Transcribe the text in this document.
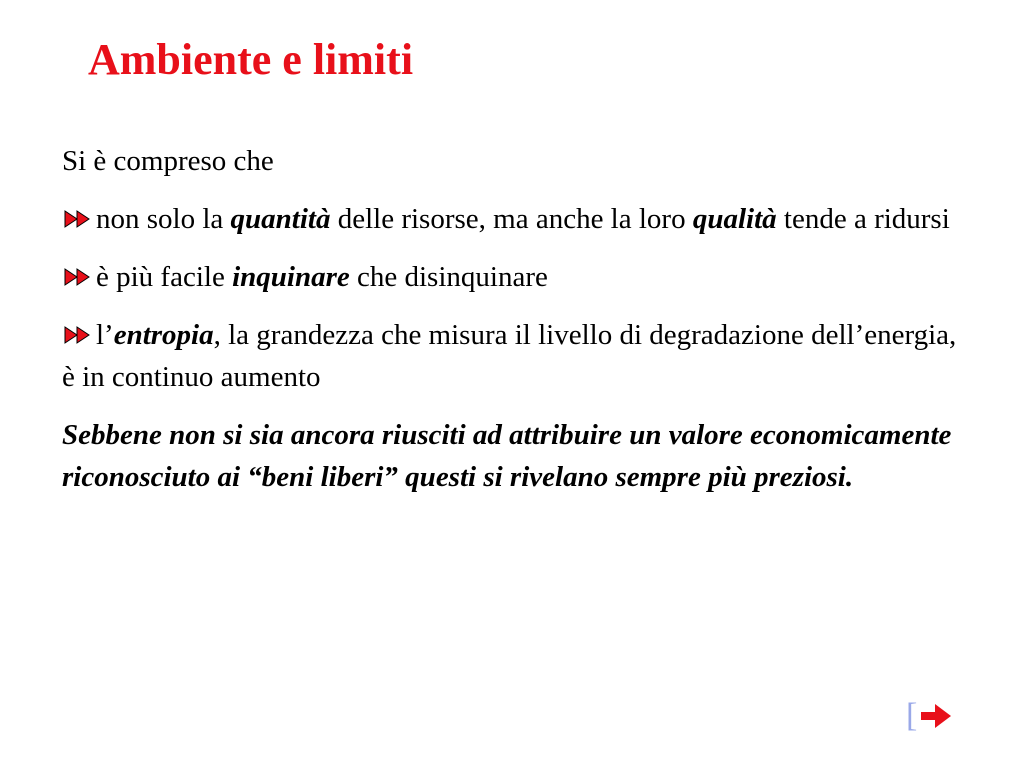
Ambiente e limiti

Si è compreso che

non solo la quantità delle risorse, ma anche la loro qualità tende a ridursi

è più facile inquinare che disinquinare

l’entropia, la grandezza che misura il livello di degradazione dell’energia, è in continuo aumento

Sebbene non si sia ancora riusciti ad attribuire un valore economicamente riconosciuto ai “beni liberi” questi si rivelano sempre più preziosi.

[
